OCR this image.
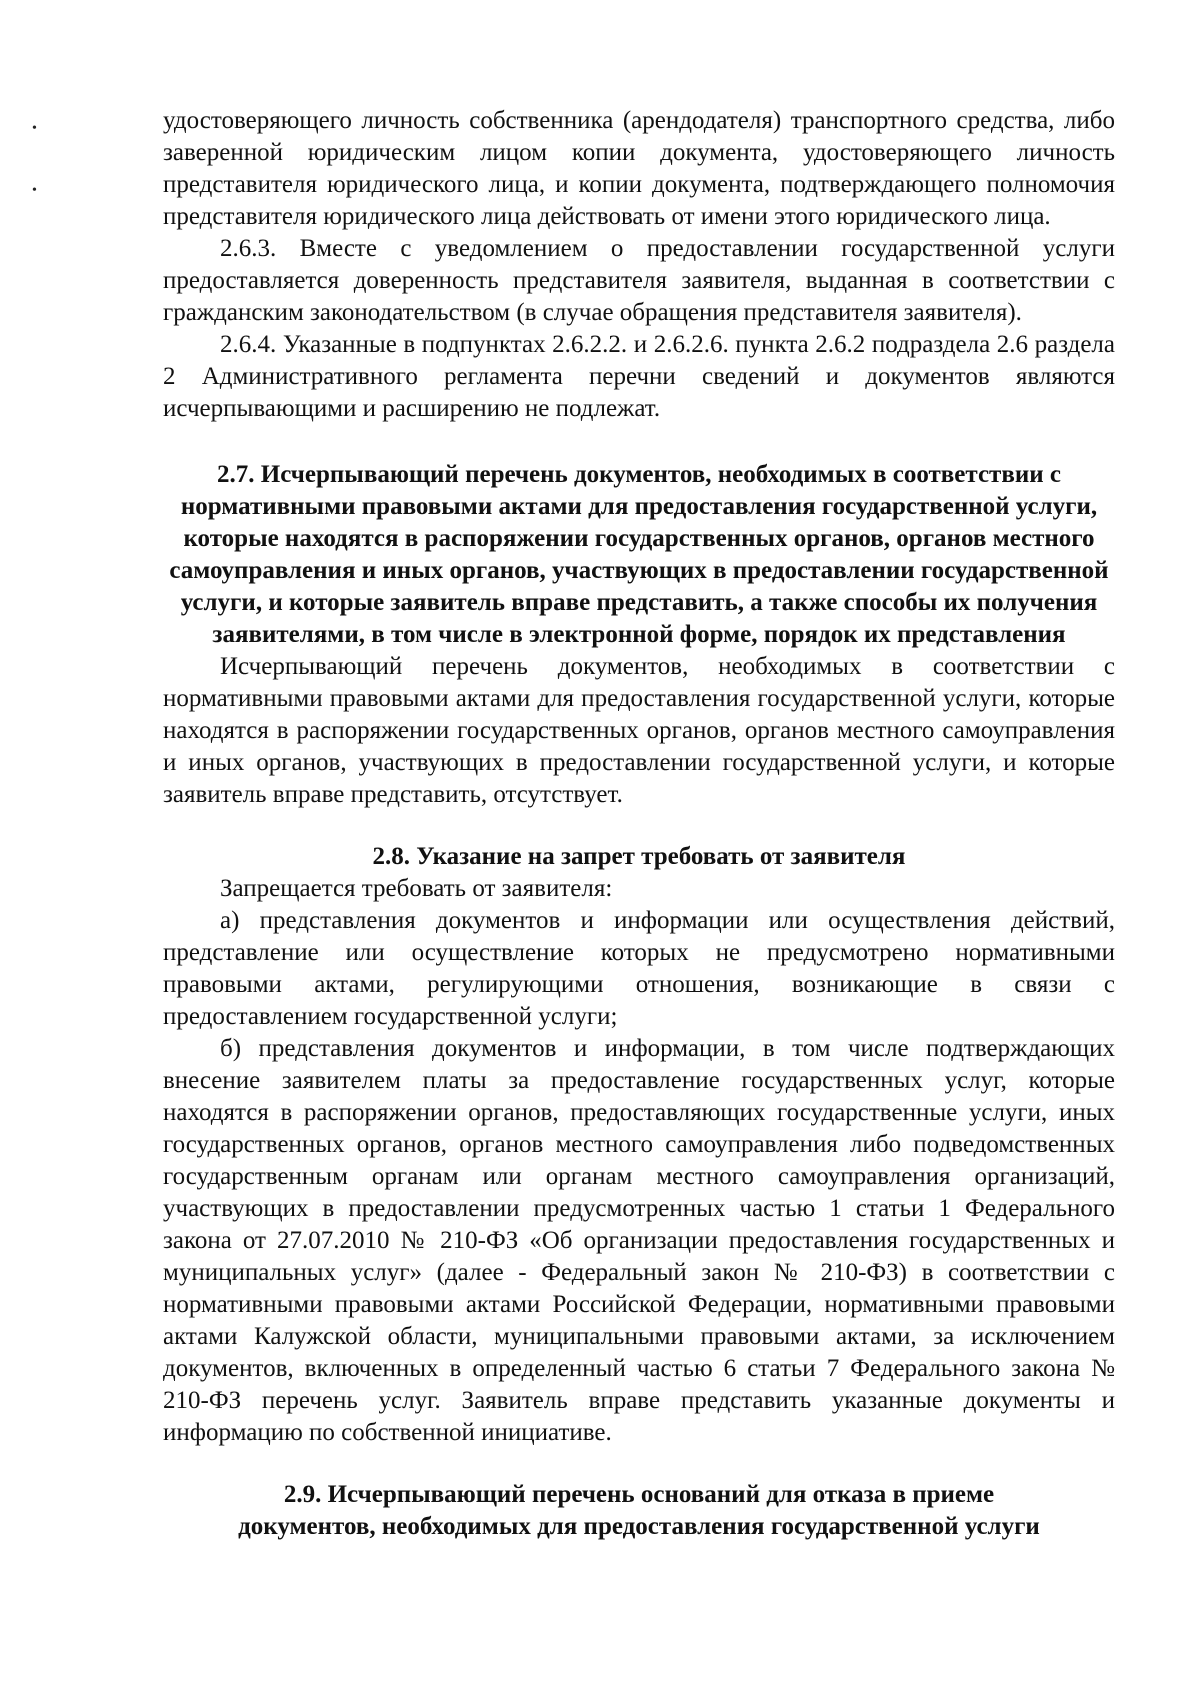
•
•

удостоверяющего личность собственника (арендодателя) транспортного средства, либо заверенной юридическим лицом копии документа, удостоверяющего личность представителя юридического лица, и копии документа, подтверждающего полномочия представителя юридического лица действовать от имени этого юридического лица.

2.6.3. Вместе с уведомлением о предоставлении государственной услуги предоставляется доверенность представителя заявителя, выданная в соответствии с гражданским законодательством (в случае обращения представителя заявителя).

2.6.4. Указанные в подпунктах 2.6.2.2. и 2.6.2.6. пункта 2.6.2 подраздела 2.6 раздела 2 Административного регламента перечни сведений и документов являются исчерпывающими и расширению не подлежат.

2.7. Исчерпывающий перечень документов, необходимых в соответствии с нормативными правовыми актами для предоставления государственной услуги, которые находятся в распоряжении государственных органов, органов местного самоуправления и иных органов, участвующих в предоставлении государственной услуги, и которые заявитель вправе представить, а также способы их получения заявителями, в том числе в электронной форме, порядок их представления

Исчерпывающий перечень документов, необходимых в соответствии с нормативными правовыми актами для предоставления государственной услуги, которые находятся в распоряжении государственных органов, органов местного самоуправления и иных органов, участвующих в предоставлении государственной услуги, и которые заявитель вправе представить, отсутствует.

2.8. Указание на запрет требовать от заявителя

Запрещается требовать от заявителя:

а) представления документов и информации или осуществления действий, представление или осуществление которых не предусмотрено нормативными правовыми актами, регулирующими отношения, возникающие в связи с предоставлением государственной услуги;

б) представления документов и информации, в том числе подтверждающих внесение заявителем платы за предоставление государственных услуг, которые находятся в распоряжении органов, предоставляющих государственные услуги, иных государственных органов, органов местного самоуправления либо подведомственных государственным органам или органам местного самоуправления организаций, участвующих в предоставлении предусмотренных частью 1 статьи 1 Федерального закона от 27.07.2010 № 210-ФЗ «Об организации предоставления государственных и муниципальных услуг» (далее - Федеральный закон № 210-ФЗ) в соответствии с нормативными правовыми актами Российской Федерации, нормативными правовыми актами Калужской области, муниципальными правовыми актами, за исключением документов, включенных в определенный частью 6 статьи 7 Федерального закона № 210-ФЗ перечень услуг. Заявитель вправе представить указанные документы и информацию по собственной инициативе.

2.9. Исчерпывающий перечень оснований для отказа в приеме

документов, необходимых для предоставления государственной услуги
